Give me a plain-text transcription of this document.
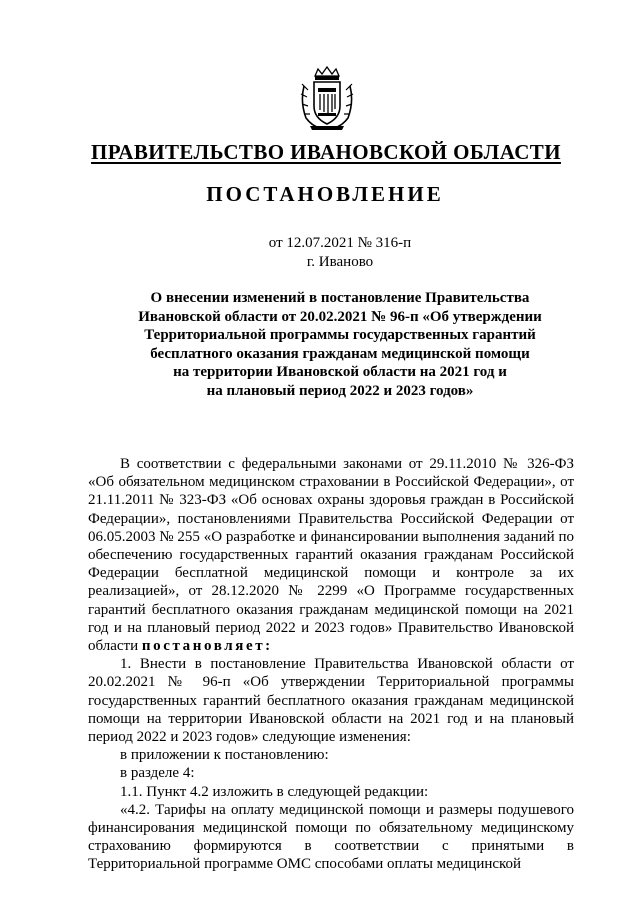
ПРАВИТЕЛЬСТВО ИВАНОВСКОЙ ОБЛАСТИ
ПОСТАНОВЛЕНИЕ
от 12.07.2021 № 316-п
г. Иваново
О внесении изменений в постановление Правительства
Ивановской области от 20.02.2021 № 96-п «Об утверждении
Территориальной программы государственных гарантий
бесплатного оказания гражданам медицинской помощи
на территории Ивановской области на 2021 год и
на плановый период 2022 и 2023 годов»

В соответствии с федеральными законами от 29.11.2010 № 326-ФЗ «Об обязательном медицинском страховании в Российской Федерации», от 21.11.2011 № 323-ФЗ «Об основах охраны здоровья граждан в Российской Федерации», постановлениями Правительства Российской Федерации от 06.05.2003 № 255 «О разработке и финансировании выполнения заданий по обеспечению государственных гарантий оказания гражданам Российской Федерации бесплатной медицинской помощи и контроле за их реализацией», от 28.12.2020 № 2299 «О Программе государственных гарантий бесплатного оказания гражданам медицинской помощи на 2021 год и на плановый период 2022 и 2023 годов» Правительство Ивановской области постановляет:

1. Внести в постановление Правительства Ивановской области от 20.02.2021 № 96-п «Об утверждении Территориальной программы государственных гарантий бесплатного оказания гражданам медицинской помощи на территории Ивановской области на 2021 год и на плановый период 2022 и 2023 годов» следующие изменения:

в приложении к постановлению:

в разделе 4:

1.1. Пункт 4.2 изложить в следующей редакции:

«4.2. Тарифы на оплату медицинской помощи и размеры подушевого финансирования медицинской помощи по обязательному медицинскому страхованию формируются в соответствии с принятыми в Территориальной программе ОМС способами оплаты медицинской
